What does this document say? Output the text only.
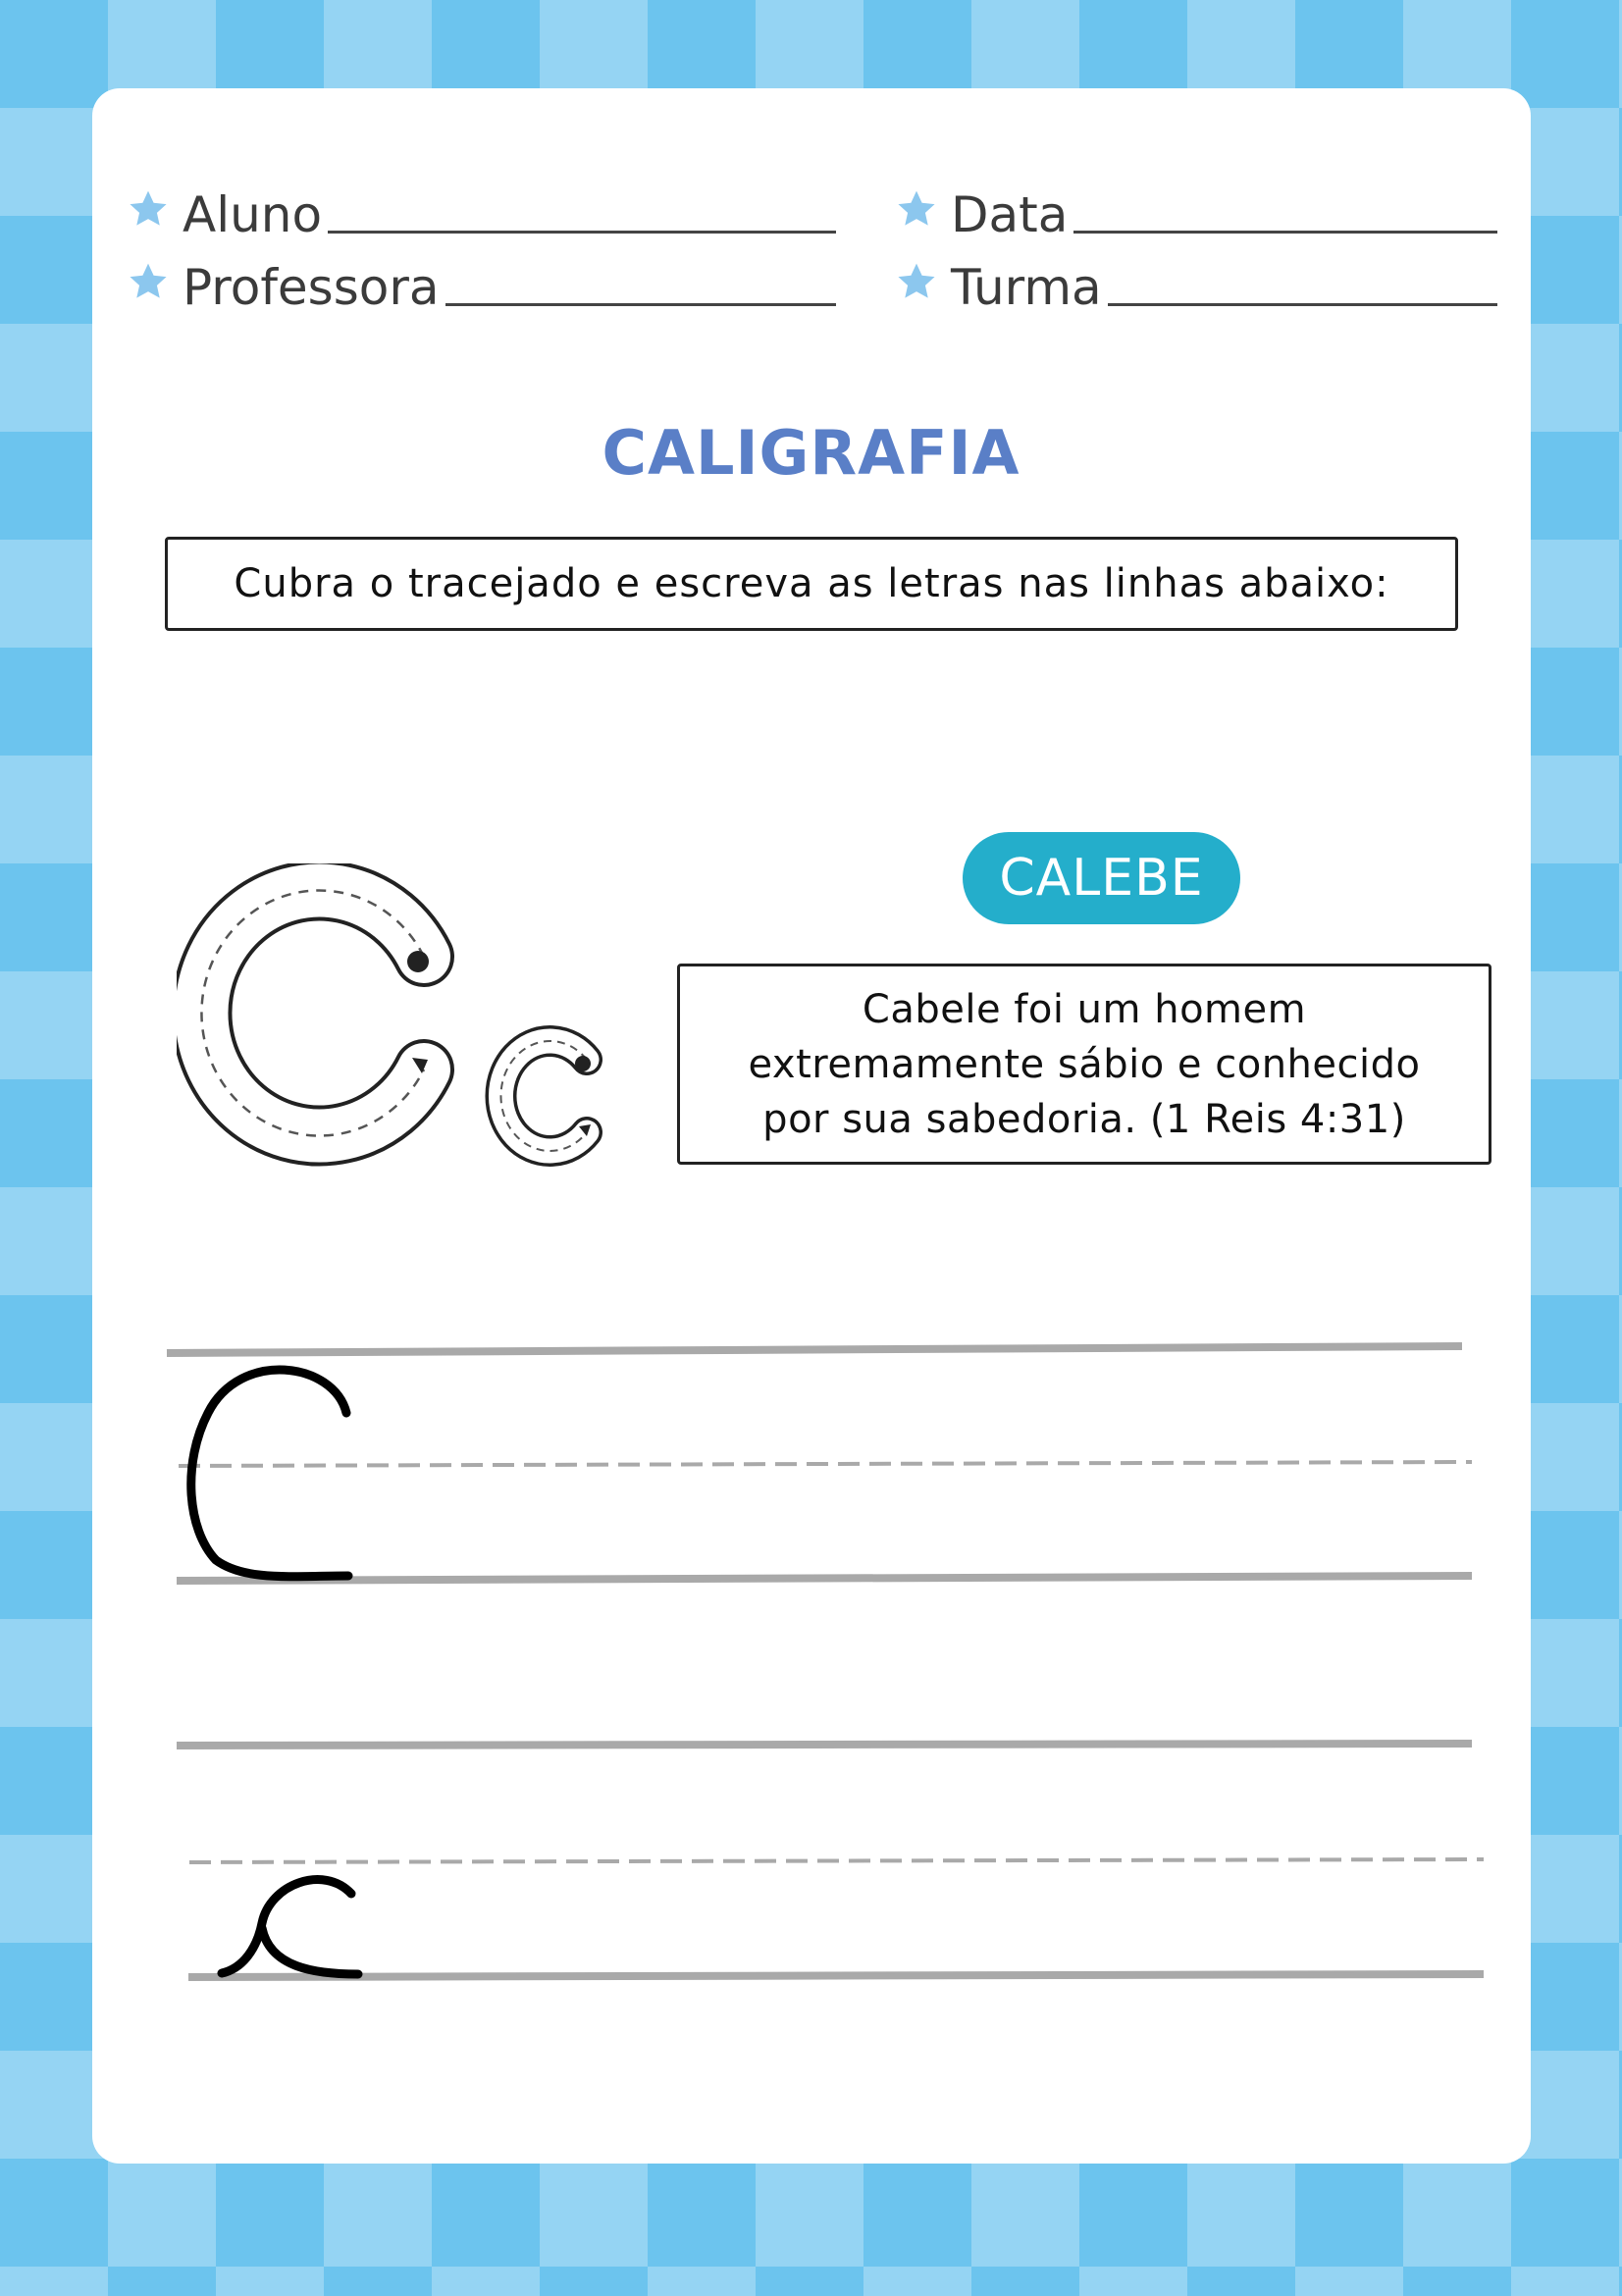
Aluno
Professora
Data
Turma
CALIGRAFIA
Cubra o tracejado e escreva as letras nas linhas abaixo:
CALEBE
Cabele foi um homem extremamente sábio e conhecido por sua sabedoria. (1 Reis 4:31)
